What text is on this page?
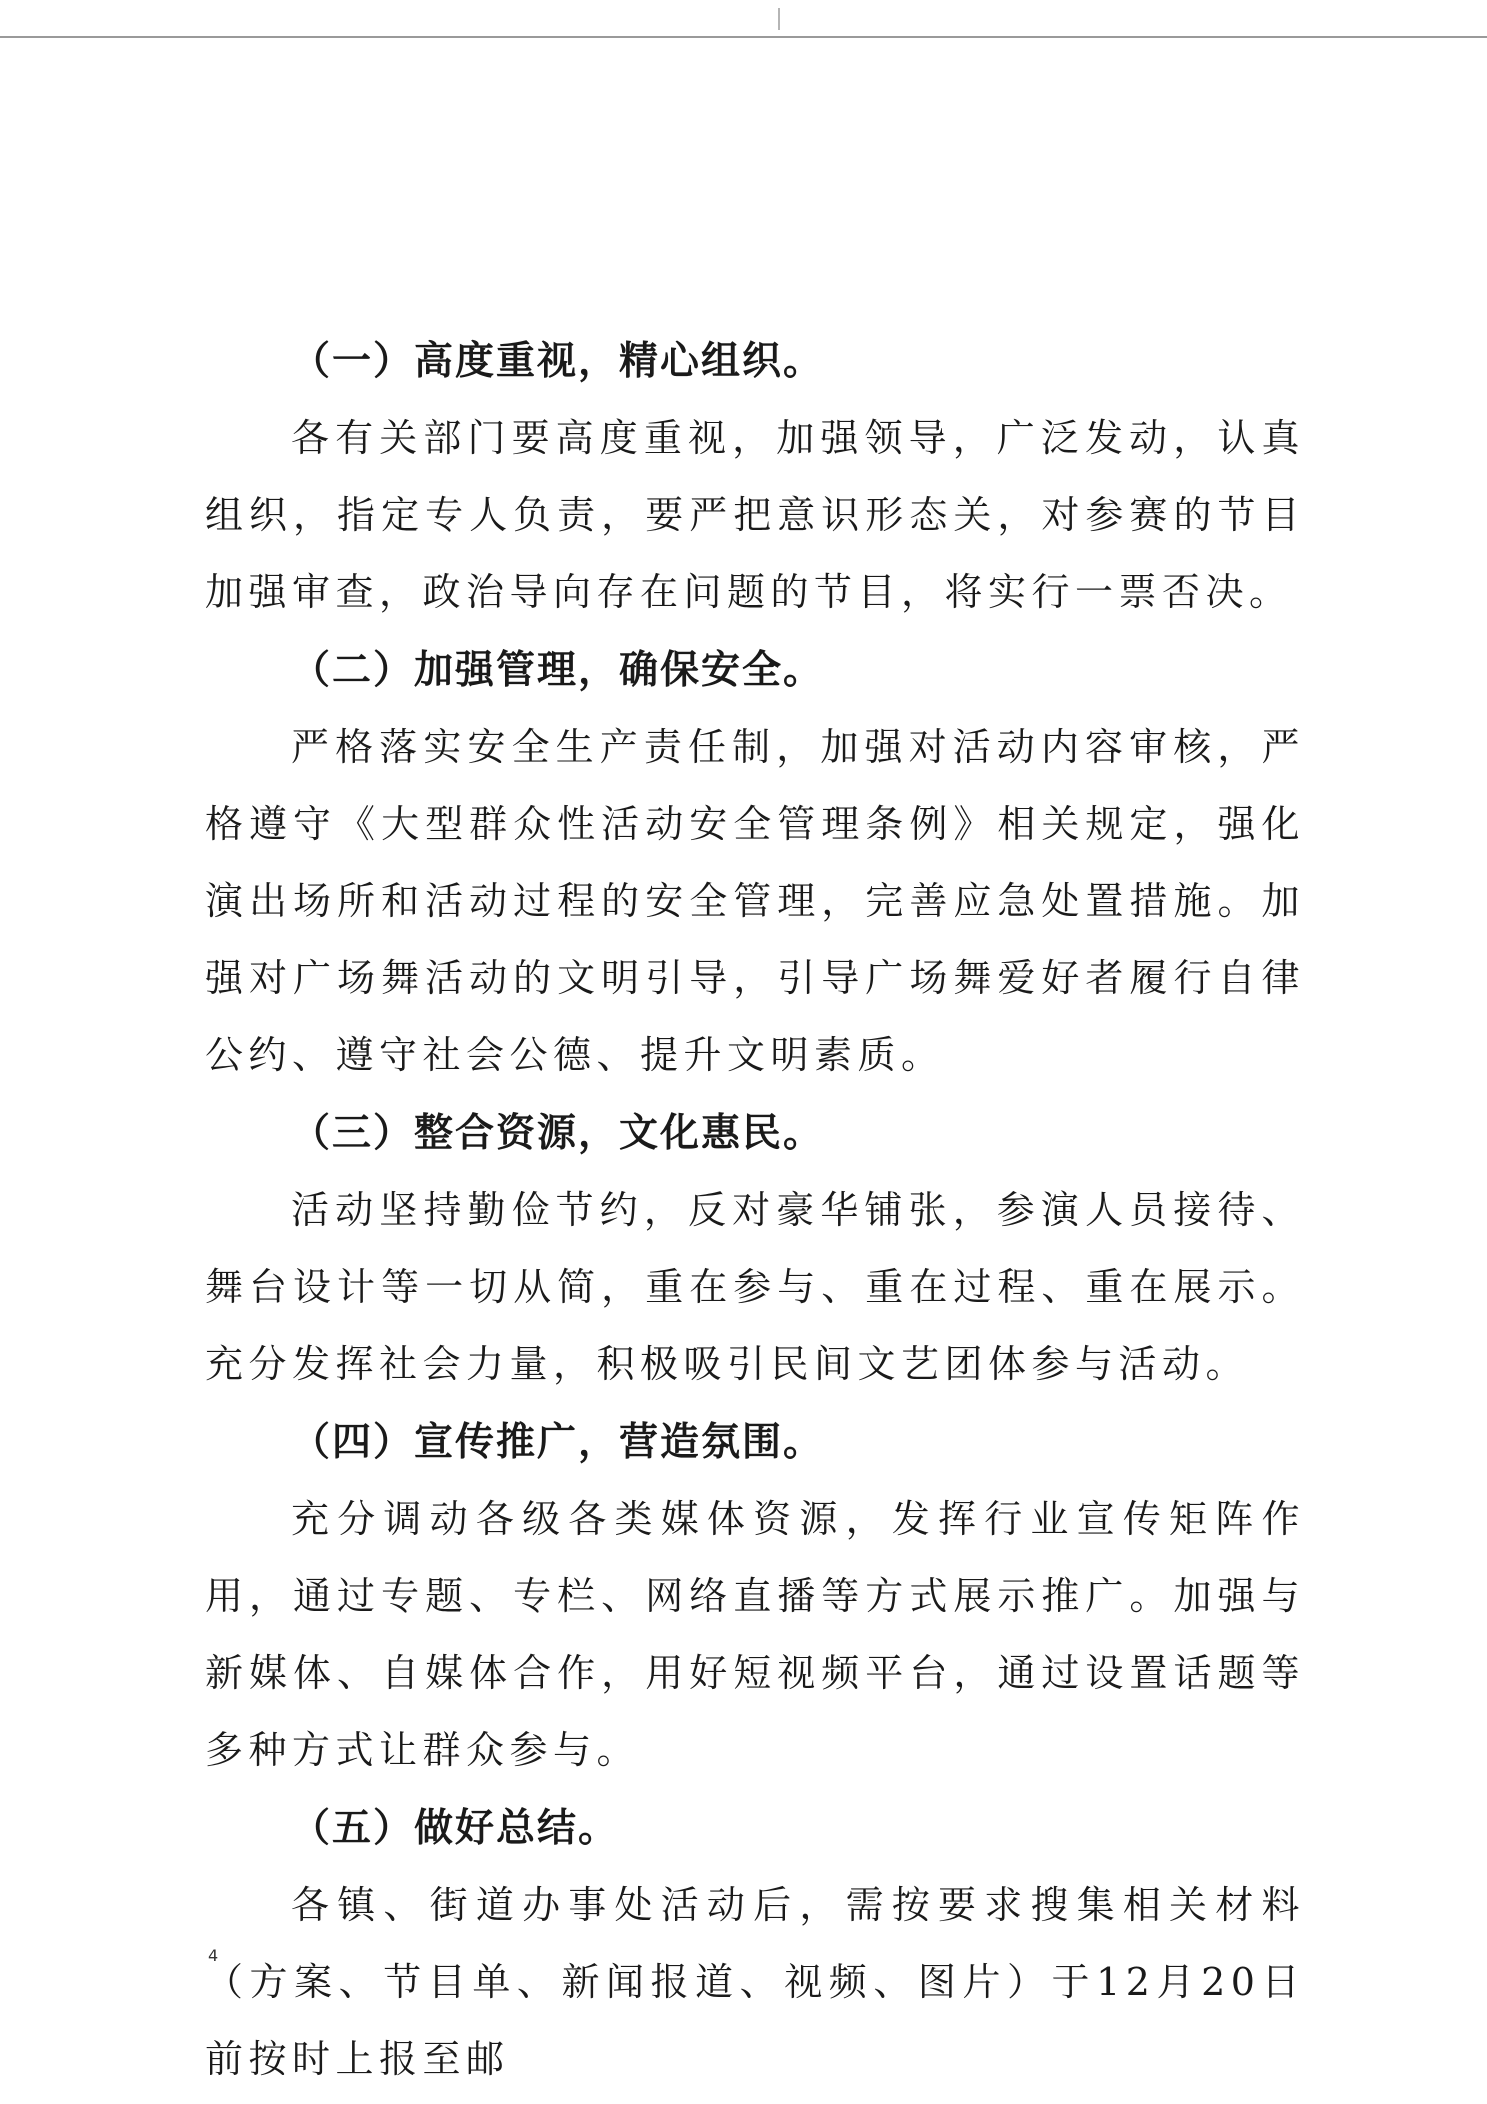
（一）高度重视，精心组织。

各有关部门要高度重视，加强领导，广泛发动，认真组织，指定专人负责，要严把意识形态关，对参赛的节目加强审查，政治导向存在问题的节目，将实行一票否决。

（二）加强管理，确保安全。

严格落实安全生产责任制，加强对活动内容审核，严格遵守《大型群众性活动安全管理条例》相关规定，强化演出场所和活动过程的安全管理，完善应急处置措施。加强对广场舞活动的文明引导，引导广场舞爱好者履行自律公约、遵守社会公德、提升文明素质。

（三）整合资源，文化惠民。

活动坚持勤俭节约，反对豪华铺张，参演人员接待、舞台设计等一切从简，重在参与、重在过程、重在展示。充分发挥社会力量，积极吸引民间文艺团体参与活动。

（四）宣传推广，营造氛围。

充分调动各级各类媒体资源，发挥行业宣传矩阵作用，通过专题、专栏、网络直播等方式展示推广。加强与新媒体、自媒体合作，用好短视频平台，通过设置话题等多种方式让群众参与。

（五）做好总结。

各镇、街道办事处活动后，需按要求搜集相关材料（方案、节目单、新闻报道、视频、图片）于12月20日前按时上报至邮

4
